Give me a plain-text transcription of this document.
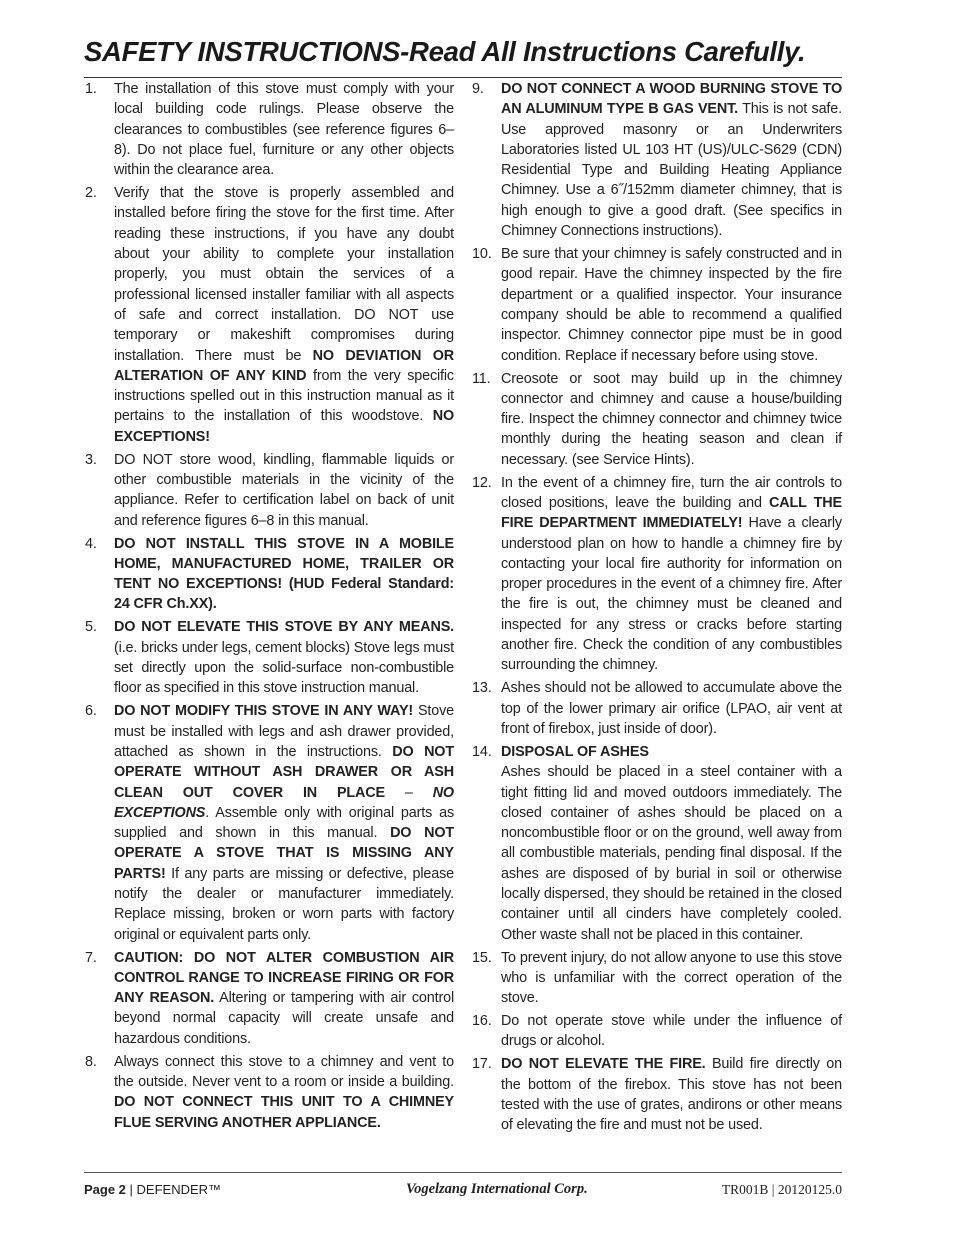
SAFETY INSTRUCTIONS-Read All Instructions Carefully.
1. The installation of this stove must comply with your local building code rulings. Please observe the clearances to combustibles (see reference figures 6–8). Do not place fuel, furniture or any other objects within the clearance area.
2. Verify that the stove is properly assembled and installed before firing the stove for the first time. After reading these instructions, if you have any doubt about your ability to complete your installation properly, you must obtain the services of a professional licensed installer familiar with all aspects of safe and correct installation. DO NOT use temporary or makeshift compromises during installation. There must be NO DEVIATION OR ALTERATION OF ANY KIND from the very specific instructions spelled out in this instruction manual as it pertains to the installation of this woodstove. NO EXCEPTIONS!
3. DO NOT store wood, kindling, flammable liquids or other combustible materials in the vicinity of the appliance. Refer to certification label on back of unit and reference figures 6–8 in this manual.
4. DO NOT INSTALL THIS STOVE IN A MOBILE HOME, MANUFACTURED HOME, TRAILER OR TENT NO EXCEPTIONS! (HUD Federal Standard: 24 CFR Ch.XX).
5. DO NOT ELEVATE THIS STOVE BY ANY MEANS. (i.e. bricks under legs, cement blocks) Stove legs must set directly upon the solid-surface non-combustible floor as specified in this stove instruction manual.
6. DO NOT MODIFY THIS STOVE IN ANY WAY! Stove must be installed with legs and ash drawer provided, attached as shown in the instructions. DO NOT OPERATE WITHOUT ASH DRAWER OR ASH CLEAN OUT COVER IN PLACE – NO EXCEPTIONS. Assemble only with original parts as supplied and shown in this manual. DO NOT OPERATE A STOVE THAT IS MISSING ANY PARTS! If any parts are missing or defective, please notify the dealer or manufacturer immediately. Replace missing, broken or worn parts with factory original or equivalent parts only.
7. CAUTION: DO NOT ALTER COMBUSTION AIR CONTROL RANGE TO INCREASE FIRING OR FOR ANY REASON. Altering or tampering with air control beyond normal capacity will create unsafe and hazardous conditions.
8. Always connect this stove to a chimney and vent to the outside. Never vent to a room or inside a building. DO NOT CONNECT THIS UNIT TO A CHIMNEY FLUE SERVING ANOTHER APPLIANCE.
9. DO NOT CONNECT A WOOD BURNING STOVE TO AN ALUMINUM TYPE B GAS VENT. This is not safe. Use approved masonry or an Underwriters Laboratories listed UL 103 HT (US)/ULC-S629 (CDN) Residential Type and Building Heating Appliance Chimney. Use a 6˝/152mm diameter chimney, that is high enough to give a good draft. (See specifics in Chimney Connections instructions).
10. Be sure that your chimney is safely constructed and in good repair. Have the chimney inspected by the fire department or a qualified inspector. Your insurance company should be able to recommend a qualified inspector. Chimney connector pipe must be in good condition. Replace if necessary before using stove.
11. Creosote or soot may build up in the chimney connector and chimney and cause a house/building fire. Inspect the chimney connector and chimney twice monthly during the heating season and clean if necessary. (see Service Hints).
12. In the event of a chimney fire, turn the air controls to closed positions, leave the building and CALL THE FIRE DEPARTMENT IMMEDIATELY! Have a clearly understood plan on how to handle a chimney fire by contacting your local fire authority for information on proper procedures in the event of a chimney fire. After the fire is out, the chimney must be cleaned and inspected for any stress or cracks before starting another fire. Check the condition of any combustibles surrounding the chimney.
13. Ashes should not be allowed to accumulate above the top of the lower primary air orifice (LPAO, air vent at front of firebox, just inside of door).
14. DISPOSAL OF ASHES
Ashes should be placed in a steel container with a tight fitting lid and moved outdoors immediately. The closed container of ashes should be placed on a noncombustible floor or on the ground, well away from all combustible materials, pending final disposal. If the ashes are disposed of by burial in soil or otherwise locally dispersed, they should be retained in the closed container until all cinders have completely cooled. Other waste shall not be placed in this container.
15. To prevent injury, do not allow anyone to use this stove who is unfamiliar with the correct operation of the stove.
16. Do not operate stove while under the influence of drugs or alcohol.
17. DO NOT ELEVATE THE FIRE. Build fire directly on the bottom of the firebox. This stove has not been tested with the use of grates, andirons or other means of elevating the fire and must not be used.
Page 2 | DEFENDER™	Vogelzang International Corp.	TR001B | 20120125.0
